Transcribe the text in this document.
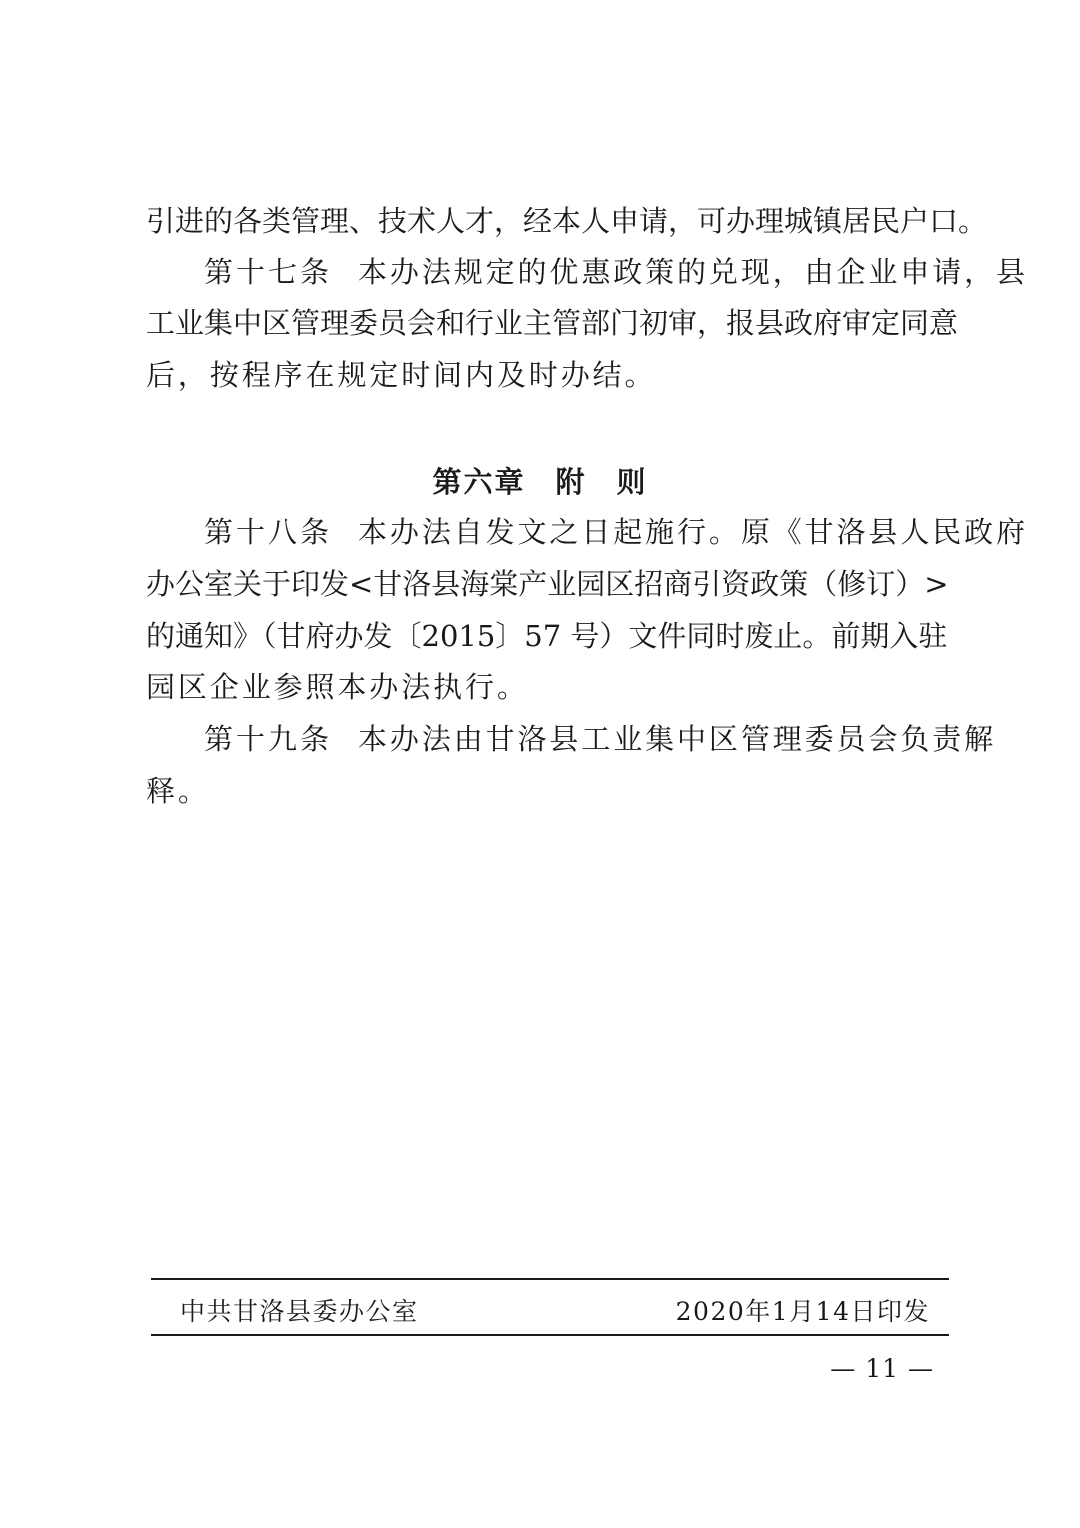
引进的各类管理、技术人才，经本人申请，可办理城镇居民户口。
第十七条 本办法规定的优惠政策的兑现，由企业申请，县
工业集中区管理委员会和行业主管部门初审，报县政府审定同意
后，按程序在规定时间内及时办结。
第六章 附 则
第十八条 本办法自发文之日起施行。原《甘洛县人民政府
办公室关于印发<甘洛县海棠产业园区招商引资政策（修订）>
的通知》（甘府办发〔2015〕57 号）文件同时废止。前期入驻
园区企业参照本办法执行。
第十九条 本办法由甘洛县工业集中区管理委员会负责解
释。
中共甘洛县委办公室	2020年1月14日印发
— 11 —
